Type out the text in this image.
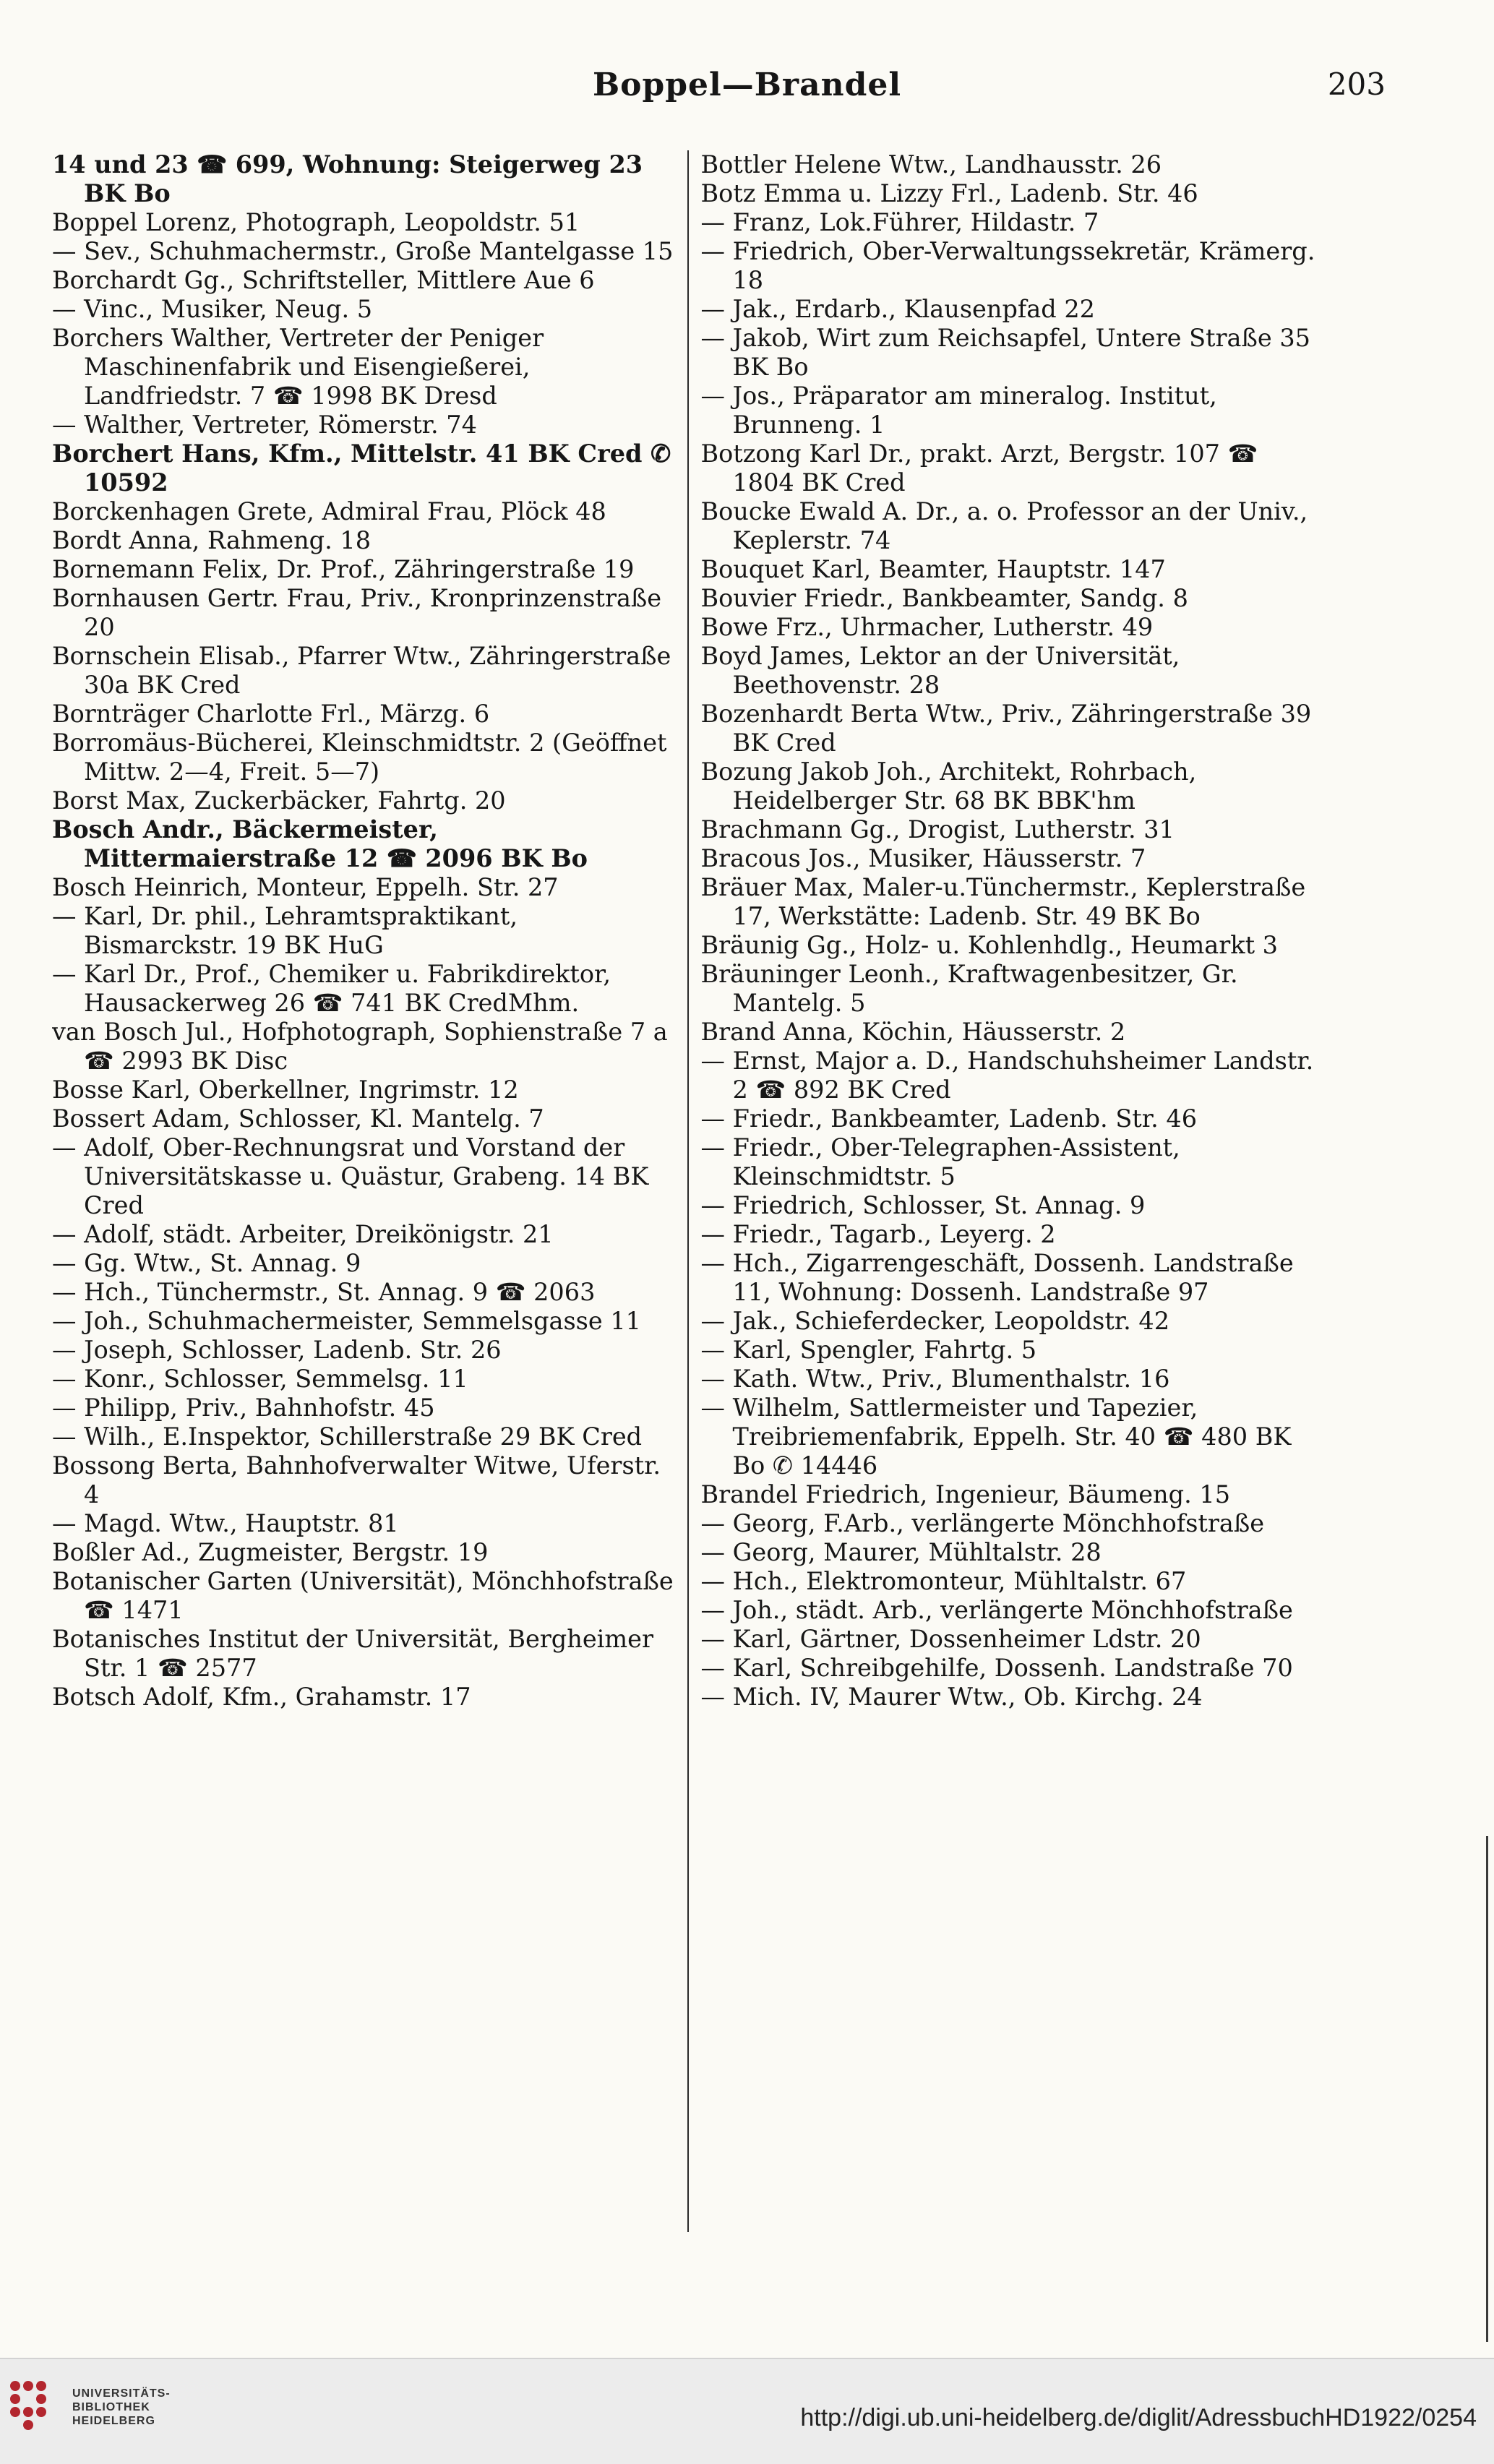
Boppel—Brandel	203
14 und 23 ☎ 699, Wohnung: Steigerweg 23 BK Bo
Boppel Lorenz, Photograph, Leopoldstr. 51
— Sev., Schuhmachermstr., Große Mantelgasse 15
Borchardt Gg., Schriftsteller, Mittlere Aue 6
— Vinc., Musiker, Neug. 5
Borchers Walther, Vertreter der Peniger Maschinenfabrik und Eisengießerei, Landfriedstr. 7 ☎ 1998 BK Dresd
— Walther, Vertreter, Römerstr. 74
Borchert Hans, Kfm., Mittelstr. 41 BK Cred ✆ 10592
Borckenhagen Grete, Admiral Frau, Plöck 48
Bordt Anna, Rahmeng. 18
Bornemann Felix, Dr. Prof., Zähringerstraße 19
Bornhausen Gertr. Frau, Priv., Kronprinzenstraße 20
Bornschein Elisab., Pfarrer Wtw., Zähringerstraße 30a BK Cred
Bornträger Charlotte Frl., Märzg. 6
Borromäus-Bücherei, Kleinschmidtstr. 2 (Geöffnet Mittw. 2—4, Freit. 5—7)
Borst Max, Zuckerbäcker, Fahrtg. 20
Bosch Andr., Bäckermeister, Mittermaierstraße 12 ☎ 2096 BK Bo
Bosch Heinrich, Monteur, Eppelh. Str. 27
— Karl, Dr. phil., Lehramtspraktikant, Bismarckstr. 19 BK HuG
— Karl Dr., Prof., Chemiker u. Fabrikdirektor, Hausackerweg 26 ☎ 741 BK CredMhm.
van Bosch Jul., Hofphotograph, Sophienstraße 7 a ☎ 2993 BK Disc
Bosse Karl, Oberkellner, Ingrimstr. 12
Bossert Adam, Schlosser, Kl. Mantelg. 7
— Adolf, Ober-Rechnungsrat und Vorstand der Universitätskasse u. Quästur, Grabeng. 14 BK Cred
— Adolf, städt. Arbeiter, Dreikönigstr. 21
— Gg. Wtw., St. Annag. 9
— Hch., Tünchermstr., St. Annag. 9 ☎ 2063
— Joh., Schuhmachermeister, Semmelsgasse 11
— Joseph, Schlosser, Ladenb. Str. 26
— Konr., Schlosser, Semmelsg. 11
— Philipp, Priv., Bahnhofstr. 45
— Wilh., E.Inspektor, Schillerstraße 29 BK Cred
Bossong Berta, Bahnhofverwalter Witwe, Uferstr. 4
— Magd. Wtw., Hauptstr. 81
Boßler Ad., Zugmeister, Bergstr. 19
Botanischer Garten (Universität), Mönchhofstraße ☎ 1471
Botanisches Institut der Universität, Bergheimer Str. 1 ☎ 2577
Botsch Adolf, Kfm., Grahamstr. 17
Bottler Helene Wtw., Landhausstr. 26
Botz Emma u. Lizzy Frl., Ladenb. Str. 46
— Franz, Lok.Führer, Hildastr. 7
— Friedrich, Ober-Verwaltungssekretär, Krämerg. 18
— Jak., Erdarb., Klausenpfad 22
— Jakob, Wirt zum Reichsapfel, Untere Straße 35 BK Bo
— Jos., Präparator am mineralog. Institut, Brunneng. 1
Botzong Karl Dr., prakt. Arzt, Bergstr. 107 ☎ 1804 BK Cred
Boucke Ewald A. Dr., a. o. Professor an der Univ., Keplerstr. 74
Bouquet Karl, Beamter, Hauptstr. 147
Bouvier Friedr., Bankbeamter, Sandg. 8
Bowe Frz., Uhrmacher, Lutherstr. 49
Boyd James, Lektor an der Universität, Beethovenstr. 28
Bozenhardt Berta Wtw., Priv., Zähringerstraße 39 BK Cred
Bozung Jakob Joh., Architekt, Rohrbach, Heidelberger Str. 68 BK BBK'hm
Brachmann Gg., Drogist, Lutherstr. 31
Bracous Jos., Musiker, Häusserstr. 7
Bräuer Max, Maler-u.Tünchermstr., Keplerstraße 17, Werkstätte: Ladenb. Str. 49 BK Bo
Bräunig Gg., Holz- u. Kohlenhdlg., Heumarkt 3
Bräuninger Leonh., Kraftwagenbesitzer, Gr. Mantelg. 5
Brand Anna, Köchin, Häusserstr. 2
— Ernst, Major a. D., Handschuhsheimer Landstr. 2 ☎ 892 BK Cred
— Friedr., Bankbeamter, Ladenb. Str. 46
— Friedr., Ober-Telegraphen-Assistent, Kleinschmidtstr. 5
— Friedrich, Schlosser, St. Annag. 9
— Friedr., Tagarb., Leyerg. 2
— Hch., Zigarrengeschäft, Dossenh. Landstraße 11, Wohnung: Dossenh. Landstraße 97
— Jak., Schieferdecker, Leopoldstr. 42
— Karl, Spengler, Fahrtg. 5
— Kath. Wtw., Priv., Blumenthalstr. 16
— Wilhelm, Sattlermeister und Tapezier, Treibriemenfabrik, Eppelh. Str. 40 ☎ 480 BK Bo ✆ 14446
Brandel Friedrich, Ingenieur, Bäumeng. 15
— Georg, F.Arb., verlängerte Mönchhofstraße
— Georg, Maurer, Mühltalstr. 28
— Hch., Elektromonteur, Mühltalstr. 67
— Joh., städt. Arb., verlängerte Mönchhofstraße
— Karl, Gärtner, Dossenheimer Ldstr. 20
— Karl, Schreibgehilfe, Dossenh. Landstraße 70
— Mich. IV, Maurer Wtw., Ob. Kirchg. 24
UNIVERSITÄTS-
BIBLIOTHEK
HEIDELBERG	http://digi.ub.uni-heidelberg.de/diglit/AdressbuchHD1922/0254
